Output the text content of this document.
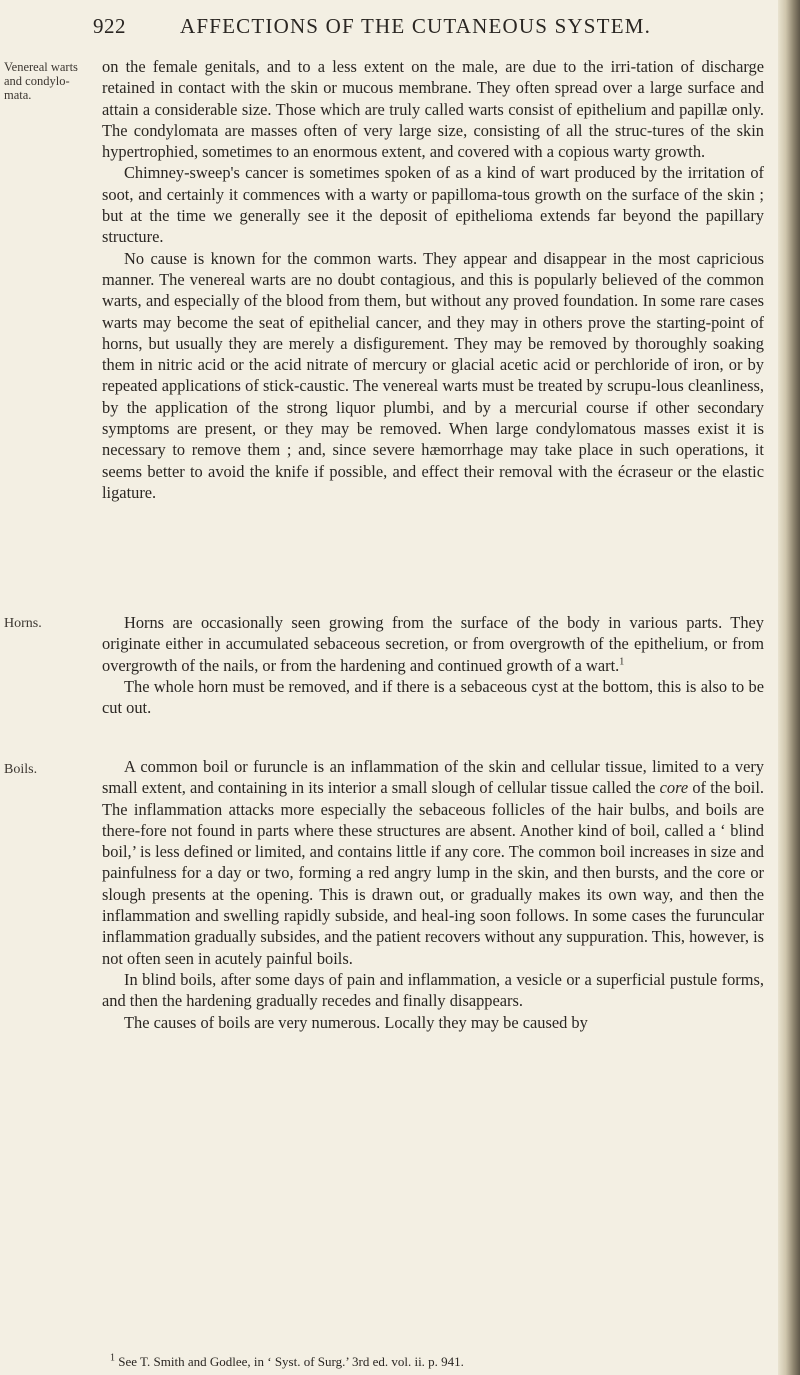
922	AFFECTIONS OF THE CUTANEOUS SYSTEM.
Venereal warts and condylo-mata.
Horns.
Boils.

on the female genitals, and to a less extent on the male, are due to the irri-tation of discharge retained in contact with the skin or mucous membrane. They often spread over a large surface and attain a considerable size. Those which are truly called warts consist of epithelium and papillæ only. The condylomata are masses often of very large size, consisting of all the struc-tures of the skin hypertrophied, sometimes to an enormous extent, and covered with a copious warty growth.

Chimney-sweep's cancer is sometimes spoken of as a kind of wart produced by the irritation of soot, and certainly it commences with a warty or papilloma-tous growth on the surface of the skin ; but at the time we generally see it the deposit of epithelioma extends far beyond the papillary structure.

No cause is known for the common warts. They appear and disappear in the most capricious manner. The venereal warts are no doubt contagious, and this is popularly believed of the common warts, and especially of the blood from them, but without any proved foundation. In some rare cases warts may become the seat of epithelial cancer, and they may in others prove the starting-point of horns, but usually they are merely a disfigurement. They may be removed by thoroughly soaking them in nitric acid or the acid nitrate of mercury or glacial acetic acid or perchloride of iron, or by repeated applications of stick-caustic. The venereal warts must be treated by scrupu-lous cleanliness, by the application of the strong liquor plumbi, and by a mercurial course if other secondary symptoms are present, or they may be removed. When large condylomatous masses exist it is necessary to remove them ; and, since severe hæmorrhage may take place in such operations, it seems better to avoid the knife if possible, and effect their removal with the écraseur or the elastic ligature.

Horns are occasionally seen growing from the surface of the body in various parts. They originate either in accumulated sebaceous secretion, or from overgrowth of the epithelium, or from overgrowth of the nails, or from the hardening and continued growth of a wart.$^1$

The whole horn must be removed, and if there is a sebaceous cyst at the bottom, this is also to be cut out.

A common boil or furuncle is an inflammation of the skin and cellular tissue, limited to a very small extent, and containing in its interior a small slough of cellular tissue called the core of the boil. The inflammation attacks more especially the sebaceous follicles of the hair bulbs, and boils are there-fore not found in parts where these structures are absent. Another kind of boil, called a ‘ blind boil,’ is less defined or limited, and contains little if any core. The common boil increases in size and painfulness for a day or two, forming a red angry lump in the skin, and then bursts, and the core or slough presents at the opening. This is drawn out, or gradually makes its own way, and then the inflammation and swelling rapidly subside, and heal-ing soon follows. In some cases the furuncular inflammation gradually subsides, and the patient recovers without any suppuration. This, however, is not often seen in acutely painful boils.

In blind boils, after some days of pain and inflammation, a vesicle or a superficial pustule forms, and then the hardening gradually recedes and finally disappears.

The causes of boils are very numerous. Locally they may be caused by

$^1$ See T. Smith and Godlee, in ‘ Syst. of Surg.’ 3rd ed. vol. ii. p. 941.
